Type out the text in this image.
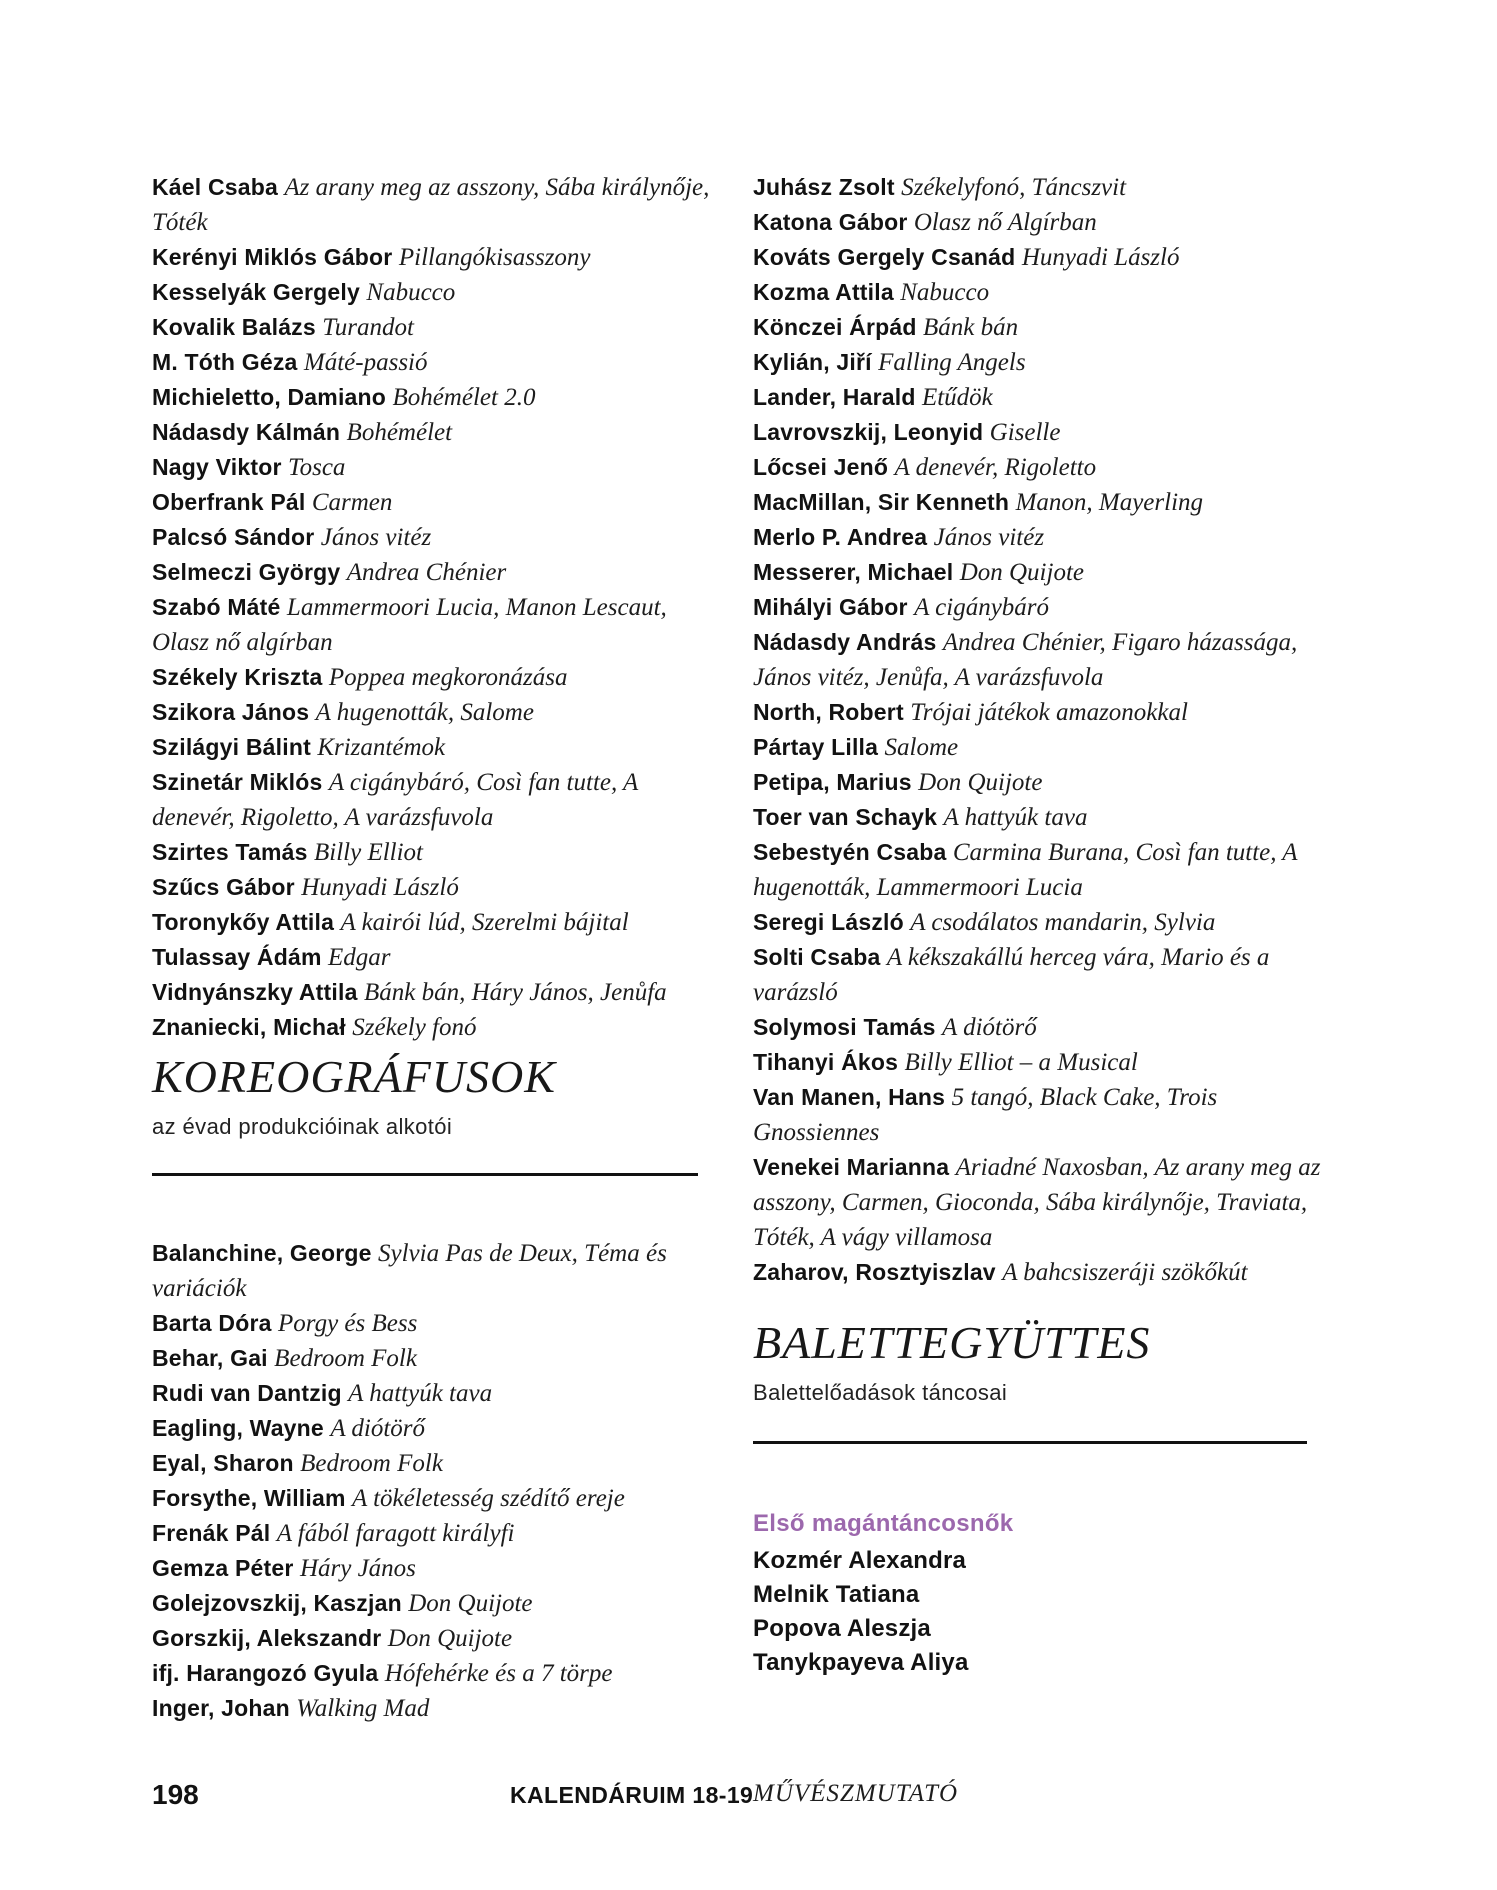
Káel Csaba Az arany meg az asszony, Sába királynője, Tóték

Kerényi Miklós Gábor Pillangókisasszony

Kesselyák Gergely Nabucco

Kovalik Balázs Turandot

M. Tóth Géza Máté-passió

Michieletto, Damiano Bohémélet 2.0

Nádasdy Kálmán Bohémélet

Nagy Viktor Tosca

Oberfrank Pál Carmen

Palcsó Sándor János vitéz

Selmeczi György Andrea Chénier

Szabó Máté Lammermoori Lucia, Manon Lescaut, Olasz nő algírban

Székely Kriszta Poppea megkoronázása

Szikora János A hugenották, Salome

Szilágyi Bálint Krizantémok

Szinetár Miklós A cigánybáró, Così fan tutte, A denevér, Rigoletto, A varázsfuvola

Szirtes Tamás Billy Elliot

Szűcs Gábor Hunyadi László

Toronykőy Attila A kairói lúd, Szerelmi bájital

Tulassay Ádám Edgar

Vidnyánszky Attila Bánk bán, Háry János, Jenůfa

Znaniecki, Michał Székely fonó

KOREOGRÁFUSOK
az évad produkcióinak alkotói

Balanchine, George Sylvia Pas de Deux, Téma és variációk

Barta Dóra Porgy és Bess

Behar, Gai Bedroom Folk

Rudi van Dantzig A hattyúk tava

Eagling, Wayne A diótörő

Eyal, Sharon Bedroom Folk

Forsythe, William A tökéletesség szédítő ereje

Frenák Pál A fából faragott királyfi

Gemza Péter Háry János

Golejzovszkij, Kaszjan Don Quijote

Gorszkij, Alekszandr Don Quijote

ifj. Harangozó Gyula Hófehérke és a 7 törpe

Inger, Johan Walking Mad

Juhász Zsolt Székelyfonó, Táncszvit

Katona Gábor Olasz nő Algírban

Kováts Gergely Csanád Hunyadi László

Kozma Attila Nabucco

Könczei Árpád Bánk bán

Kylián, Jiří Falling Angels

Lander, Harald Etűdök

Lavrovszkij, Leonyid Giselle

Lőcsei Jenő A denevér, Rigoletto

MacMillan, Sir Kenneth Manon, Mayerling

Merlo P. Andrea János vitéz

Messerer, Michael Don Quijote

Mihályi Gábor A cigánybáró

Nádasdy András Andrea Chénier, Figaro házassága, János vitéz, Jenůfa, A varázsfuvola

North, Robert Trójai játékok amazonokkal

Pártay Lilla Salome

Petipa, Marius Don Quijote

Toer van Schayk A hattyúk tava

Sebestyén Csaba Carmina Burana, Così fan tutte, A hugenották, Lammermoori Lucia

Seregi László A csodálatos mandarin, Sylvia

Solti Csaba A kékszakállú herceg vára, Mario és a varázsló

Solymosi Tamás A diótörő

Tihanyi Ákos Billy Elliot – a Musical

Van Manen, Hans 5 tangó, Black Cake, Trois Gnossiennes

Venekei Marianna Ariadné Naxosban, Az arany meg az asszony, Carmen, Gioconda, Sába királynője, Traviata, Tóték, A vágy villamosa

Zaharov, Rosztyiszlav A bahcsiszeráji szökőkút

BALETTEGYÜTTES
Balettelőadások táncosai
Első magántáncosnők

Kozmér Alexandra

Melnik Tatiana

Popova Aleszja

Tanykpayeva Aliya

198	KALENDÁRUIM 18-19 MŰVÉSZMUTATÓ
